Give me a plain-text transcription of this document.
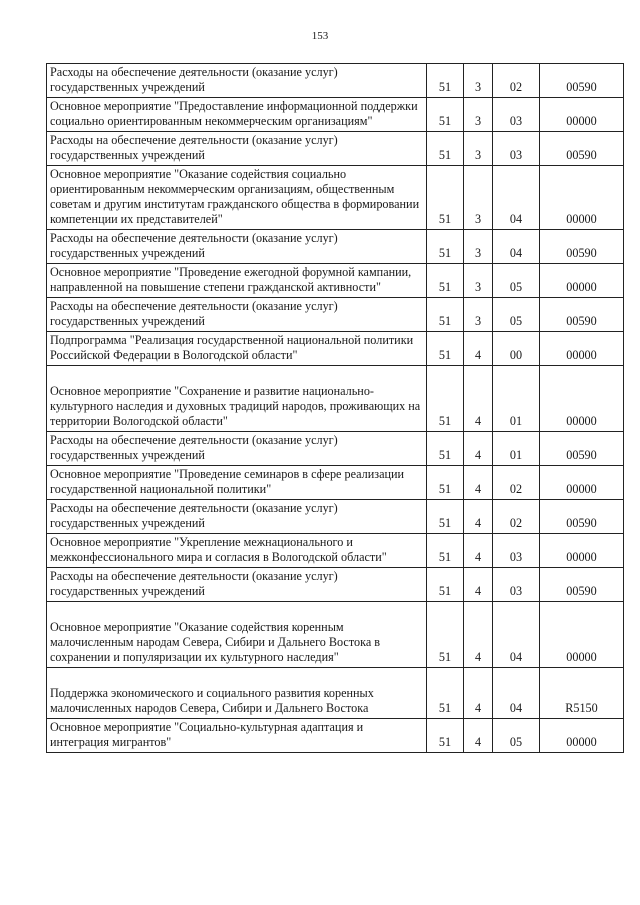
153
Расходы на обеспечение деятельности (оказание услуг) государственных учреждений	51	3	02	00590
Основное мероприятие "Предоставление информационной поддержки социально ориентированным некоммерческим организациям"	51	3	03	00000
Расходы на обеспечение деятельности (оказание услуг) государственных учреждений	51	3	03	00590
Основное мероприятие "Оказание содействия социально ориентированным некоммерческим организациям, общественным советам и другим институтам гражданского общества в формировании компетенции их представителей"	51	3	04	00000
Расходы на обеспечение деятельности (оказание услуг) государственных учреждений	51	3	04	00590
Основное мероприятие "Проведение ежегодной форумной кампании, направленной на повышение степени гражданской активности"	51	3	05	00000
Расходы на обеспечение деятельности (оказание услуг) государственных учреждений	51	3	05	00590
Подпрограмма "Реализация государственной национальной политики Российской Федерации в Вологодской области"	51	4	00	00000
Основное мероприятие "Сохранение и развитие национально-культурного наследия и духовных традиций народов, проживающих на территории Вологодской области"	51	4	01	00000
Расходы на обеспечение деятельности (оказание услуг) государственных учреждений	51	4	01	00590
Основное мероприятие "Проведение семинаров в сфере реализации государственной национальной политики"	51	4	02	00000
Расходы на обеспечение деятельности (оказание услуг) государственных учреждений	51	4	02	00590
Основное мероприятие "Укрепление межнационального и межконфессионального мира и согласия в Вологодской области"	51	4	03	00000
Расходы на обеспечение деятельности (оказание услуг) государственных учреждений	51	4	03	00590
Основное мероприятие "Оказание содействия коренным малочисленным народам Севера, Сибири и Дальнего Востока в сохранении и популяризации их культурного наследия"	51	4	04	00000
Поддержка экономического и социального развития коренных малочисленных народов Севера, Сибири и Дальнего Востока	51	4	04	R5150
Основное мероприятие "Социально-культурная адаптация и интеграция мигрантов"	51	4	05	00000
